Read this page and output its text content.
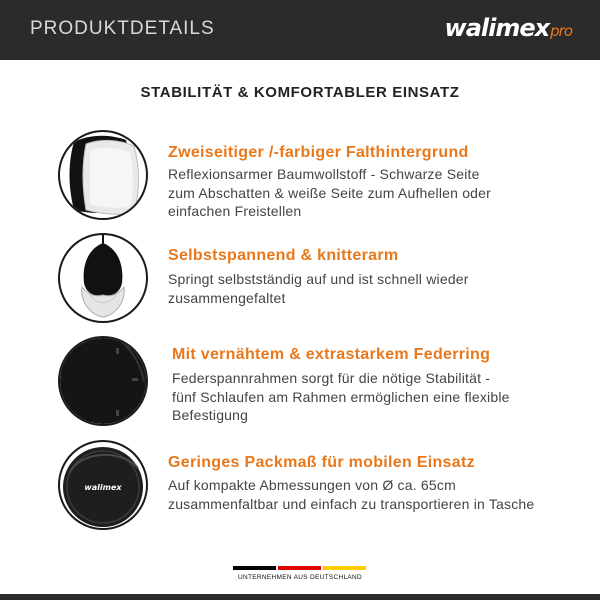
PRODUKTDETAILS	walimexpro
STABILITÄT & KOMFORTABLER EINSATZ
Zweiseitiger /-farbiger Falthintergrund
Reflexionsarmer Baumwollstoff - Schwarze Seite
zum Abschatten & weiße Seite zum Aufhellen oder
einfachen Freistellen
Selbstspannend & knitterarm
Springt selbstständig auf und ist schnell wieder
zusammengefaltet
Mit vernähtem & extrastarkem Federring
Federspannrahmen sorgt für die nötige Stabilität -
fünf Schlaufen am Rahmen ermöglichen eine flexible
Befestigung
walimex
Geringes Packmaß für mobilen Einsatz
Auf kompakte Abmessungen von Ø ca. 65cm
zusammenfaltbar und einfach zu transportieren in Tasche
UNTERNEHMEN AUS DEUTSCHLAND
